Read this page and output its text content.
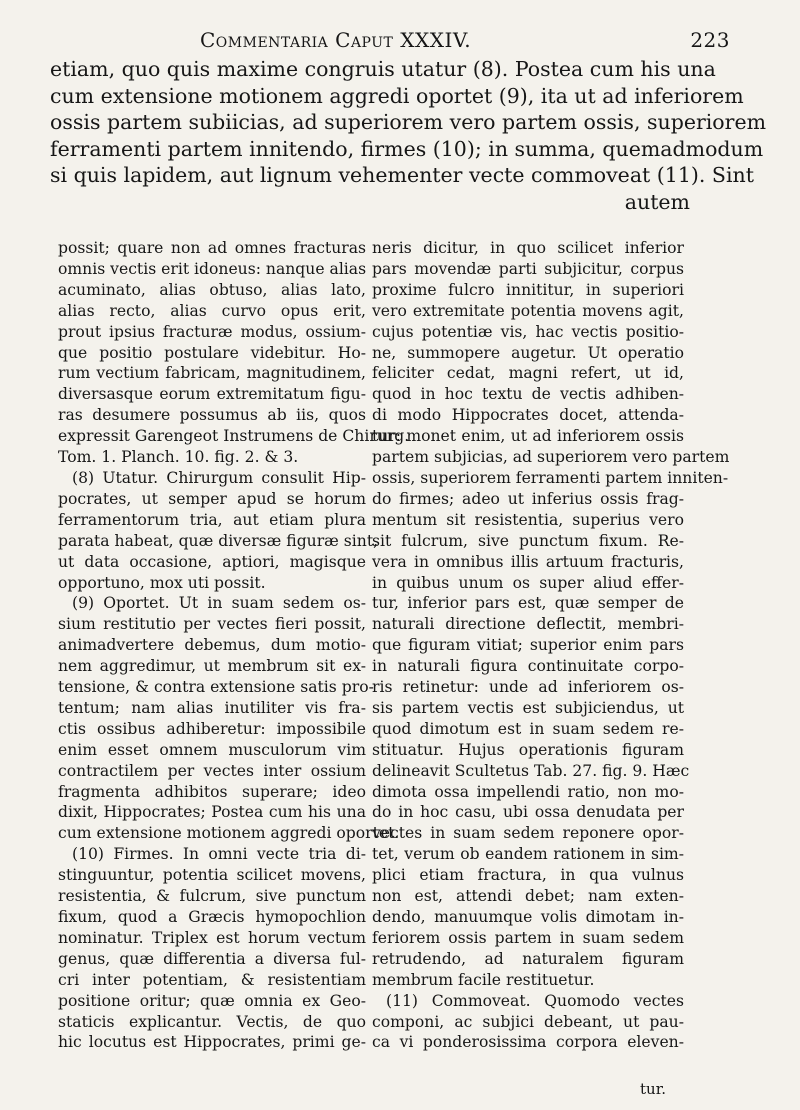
Commentaria Caput XXXIV.	223
etiam, quo quis maxime congruis utatur (8). Postea cum his una
cum extensione motionem aggredi oportet (9), ita ut ad inferiorem
ossis partem subiicias, ad superiorem vero partem ossis, superiorem
ferramenti partem innitendo, firmes (10); in summa, quemadmodum
si quis lapidem, aut lignum vehementer vecte commoveat (11). Sint
autem
possit; quare non ad omnes fracturas
omnis vectis erit idoneus: nanque alias
acuminato, alias obtuso, alias lato,
alias recto, alias curvo opus erit,
prout ipsius fracturæ modus, ossium-
que positio postulare videbitur. Ho-
rum vectium fabricam, magnitudinem,
diversasque eorum extremitatum figu-
ras desumere possumus ab iis, quos
expressit Garengeot Instrumens de Chirurg.
Tom. 1. Planch. 10. fig. 2. & 3.
(8) Utatur. Chirurgum consulit Hip-
pocrates, ut semper apud se horum
ferramentorum tria, aut etiam plura
parata habeat, quæ diversæ figuræ sint,
ut data occasione, aptiori, magisque
opportuno, mox uti possit.
(9) Oportet. Ut in suam sedem os-
sium restitutio per vectes fieri possit,
animadvertere debemus, dum motio-
nem aggredimur, ut membrum sit ex-
tensione, & contra extensione satis pro-
tentum; nam alias inutiliter vis fra-
ctis ossibus adhiberetur: impossibile
enim esset omnem musculorum vim
contractilem per vectes inter ossium
fragmenta adhibitos superare; ideo
dixit, Hippocrates; Postea cum his una
cum extensione motionem aggredi oportet.
(10) Firmes. In omni vecte tria di-
stinguuntur, potentia scilicet movens,
resistentia, & fulcrum, sive punctum
fixum, quod a Græcis hymopochlion
nominatur. Triplex est horum vectum
genus, quæ differentia a diversa ful-
cri inter potentiam, & resistentiam
positione oritur; quæ omnia ex Geo-
staticis explicantur. Vectis, de quo
hic locutus est Hippocrates, primi ge-
neris dicitur, in quo scilicet inferior
pars movendæ parti subjicitur, corpus
proxime fulcro innititur, in superiori
vero extremitate potentia movens agit,
cujus potentiæ vis, hac vectis positio-
ne, summopere augetur. Ut operatio
feliciter cedat, magni refert, ut id,
quod in hoc textu de vectis adhiben-
di modo Hippocrates docet, attenda-
tur: monet enim, ut ad inferiorem ossis
partem subjicias, ad superiorem vero partem
ossis, superiorem ferramenti partem inniten-
do firmes; adeo ut inferius ossis frag-
mentum sit resistentia, superius vero
sit fulcrum, sive punctum fixum. Re-
vera in omnibus illis artuum fracturis,
in quibus unum os super aliud effer-
tur, inferior pars est, quæ semper de
naturali directione deflectit, membri-
que figuram vitiat; superior enim pars
in naturali figura continuitate corpo-
ris retinetur: unde ad inferiorem os-
sis partem vectis est subjiciendus, ut
quod dimotum est in suam sedem re-
stituatur. Hujus operationis figuram
delineavit Scultetus Tab. 27. fig. 9. Hæc
dimota ossa impellendi ratio, non mo-
do in hoc casu, ubi ossa denudata per
vectes in suam sedem reponere opor-
tet, verum ob eandem rationem in sim-
plici etiam fractura, in qua vulnus
non est, attendi debet; nam exten-
dendo, manuumque volis dimotam in-
feriorem ossis partem in suam sedem
retrudendo, ad naturalem figuram
membrum facile restituetur.
(11) Commoveat. Quomodo vectes
componi, ac subjici debeant, ut pau-
ca vi ponderosissima corpora eleven-
tur.
